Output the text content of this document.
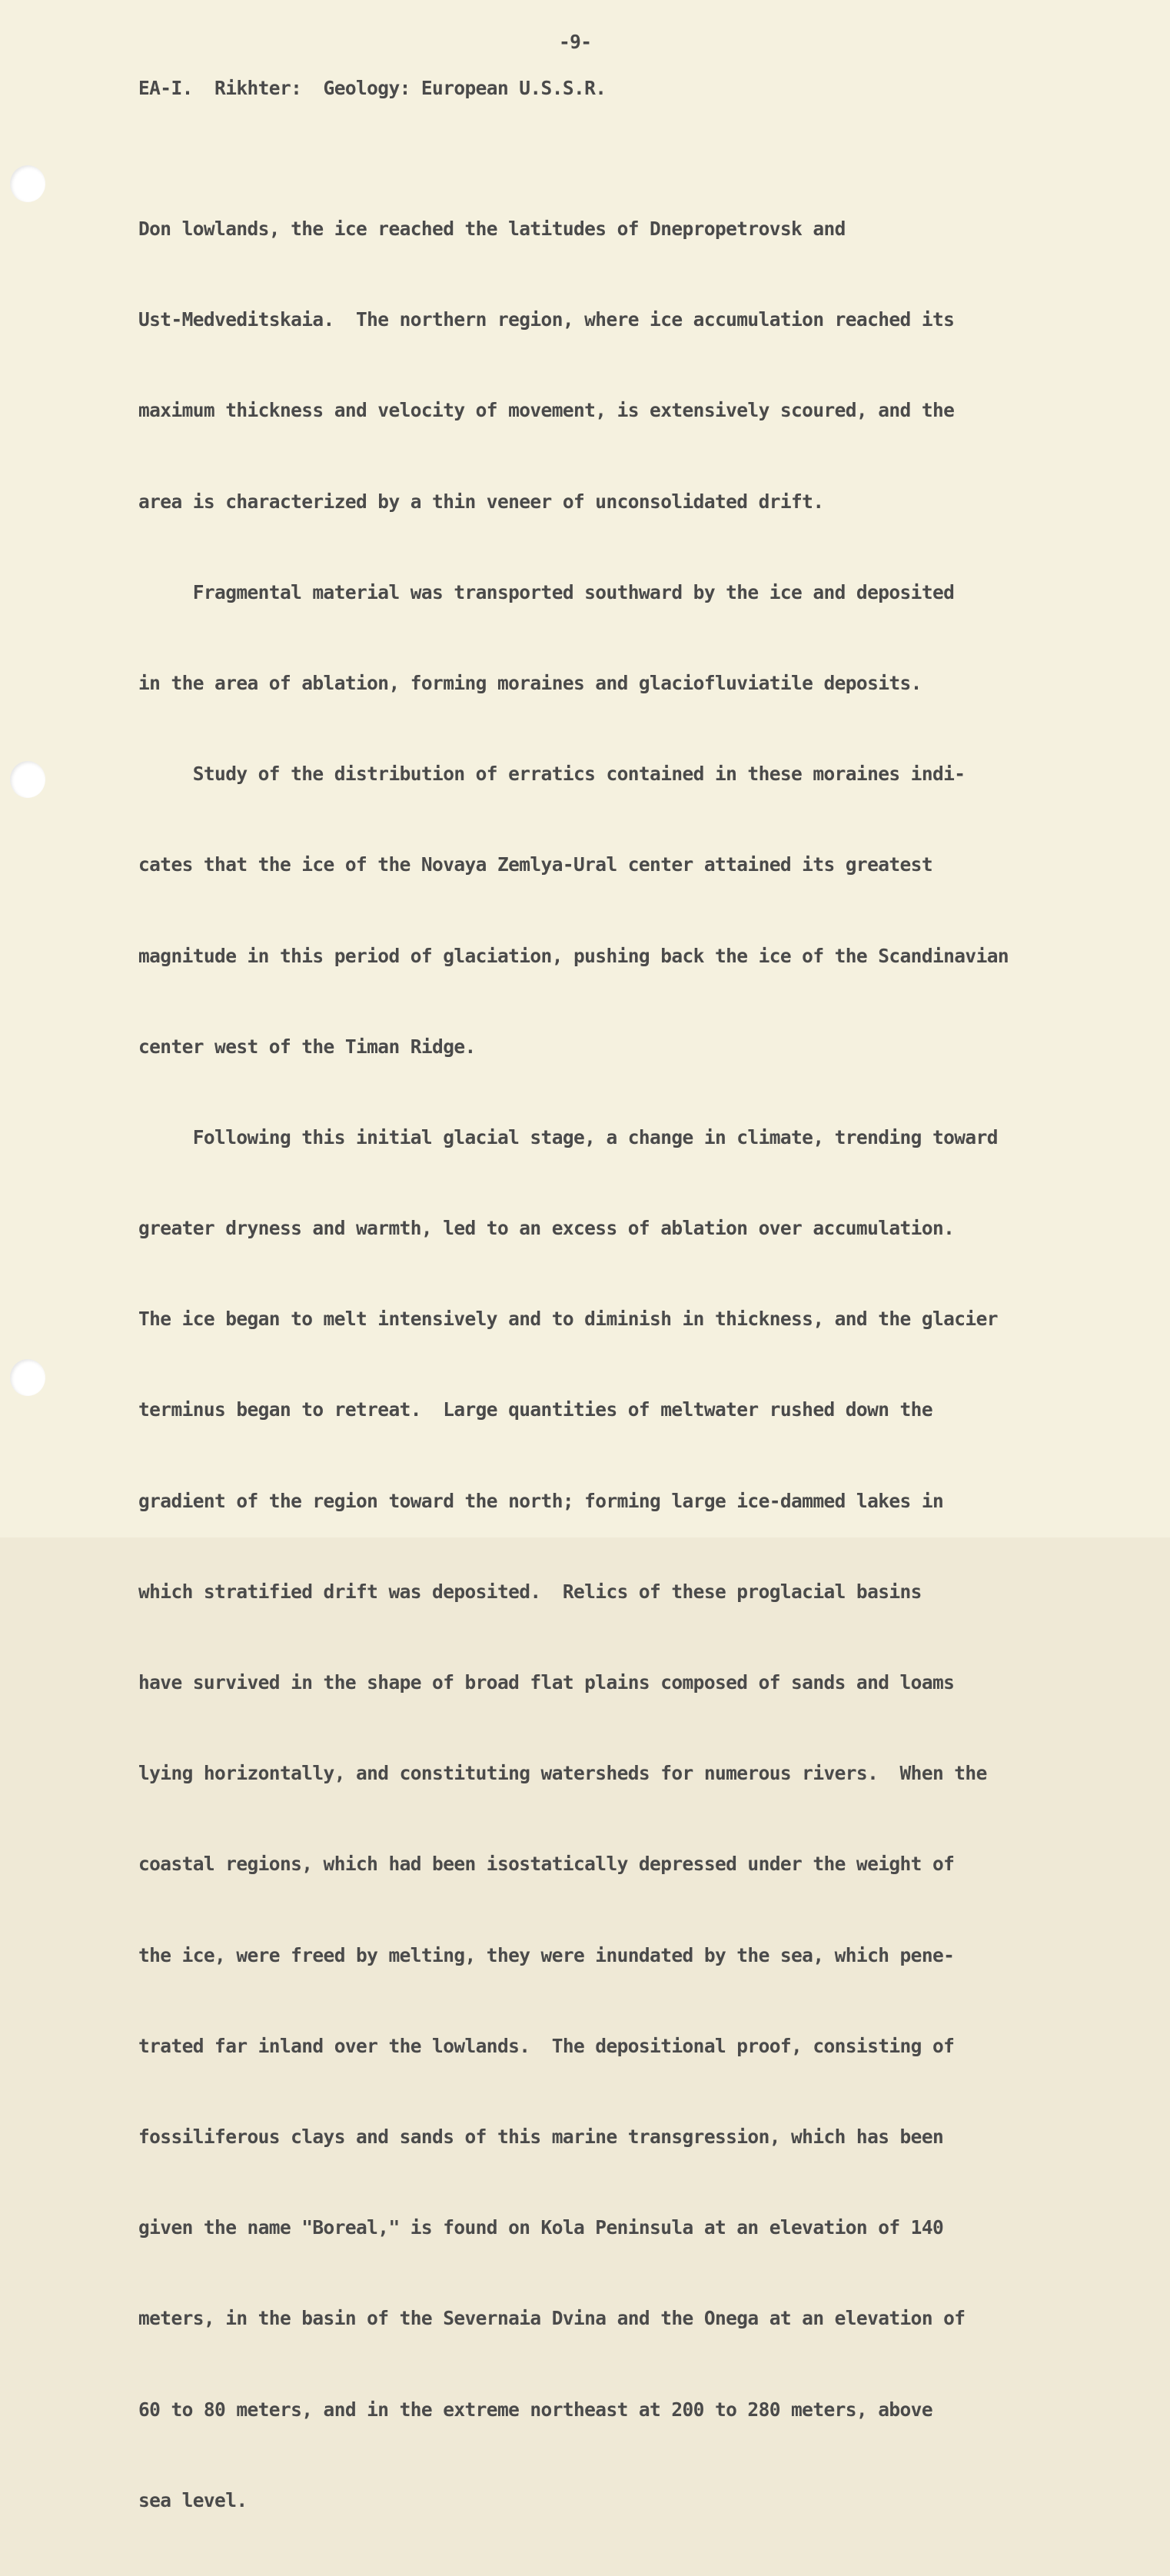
-9-
EA-I.  Rikhter:  Geology: European U.S.S.R.

Don lowlands, the ice reached the latitudes of Dnepropetrovsk and

Ust-Medveditskaia.  The northern region, where ice accumulation reached its

maximum thickness and velocity of movement, is extensively scoured, and the

area is characterized by a thin veneer of unconsolidated drift.

Fragmental material was transported southward by the ice and deposited

in the area of ablation, forming moraines and glaciofluviatile deposits.

Study of the distribution of erratics contained in these moraines indi-

cates that the ice of the Novaya Zemlya-Ural center attained its greatest

magnitude in this period of glaciation, pushing back the ice of the Scandinavian

center west of the Timan Ridge.

Following this initial glacial stage, a change in climate, trending toward

greater dryness and warmth, led to an excess of ablation over accumulation.

The ice began to melt intensively and to diminish in thickness, and the glacier

terminus began to retreat.  Large quantities of meltwater rushed down the

gradient of the region toward the north; forming large ice-dammed lakes in

which stratified drift was deposited.  Relics of these proglacial basins

have survived in the shape of broad flat plains composed of sands and loams

lying horizontally, and constituting watersheds for numerous rivers.  When the

coastal regions, which had been isostatically depressed under the weight of

the ice, were freed by melting, they were inundated by the sea, which pene-

trated far inland over the lowlands.  The depositional proof, consisting of

fossiliferous clays and sands of this marine transgression, which has been

given the name "Boreal," is found on Kola Peninsula at an elevation of 140

meters, in the basin of the Severnaia Dvina and the Onega at an elevation of

60 to 80 meters, and in the extreme northeast at 200 to 280 meters, above

sea level.
